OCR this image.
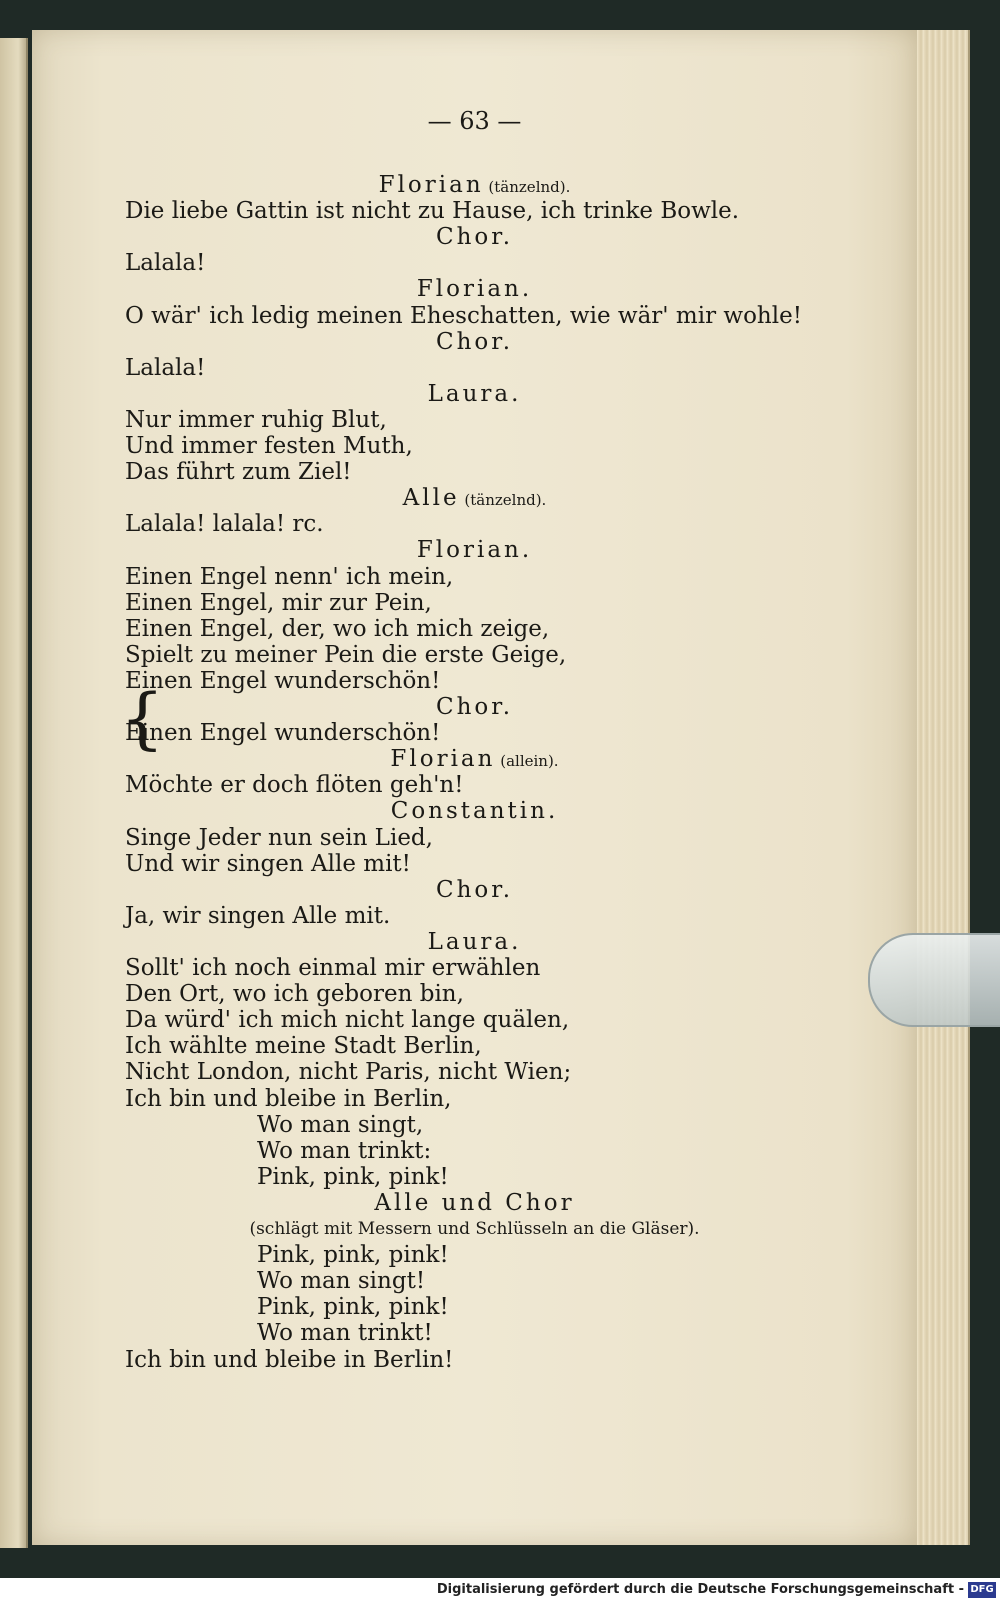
— 63 —
Florian (tänzelnd).
Die liebe Gattin ist nicht zu Hause, ich trinke Bowle.
Chor.
Lalala!
Florian.
O wär' ich ledig meinen Eheschatten, wie wär' mir wohle!
Chor.
Lalala!
Laura.
Nur immer ruhig Blut,
Und immer festen Muth,
Das führt zum Ziel!
Alle (tänzelnd).
Lalala! lalala! rc.
Florian.
Einen Engel nenn' ich mein,
Einen Engel, mir zur Pein,
Einen Engel, der, wo ich mich zeige,
Spielt zu meiner Pein die erste Geige,
Einen Engel wunderschön!
Chor.
Einen Engel wunderschön!
Florian (allein).
Möchte er doch flöten geh'n!
Constantin.
Singe Jeder nun sein Lied,
Und wir singen Alle mit!
Chor.
Ja, wir singen Alle mit.
Laura.
Sollt' ich noch einmal mir erwählen
Den Ort, wo ich geboren bin,
Da würd' ich mich nicht lange quälen,
Ich wählte meine Stadt Berlin,
Nicht London, nicht Paris, nicht Wien;
Ich bin und bleibe in Berlin,
Wo man singt,
Wo man trinkt:
Pink, pink, pink!
Alle und Chor
(schlägt mit Messern und Schlüsseln an die Gläser).
Pink, pink, pink!
Wo man singt!
Pink, pink, pink!
Wo man trinkt!
Ich bin und bleibe in Berlin!
{
Digitalisierung gefördert durch die Deutsche Forschungsgemeinschaft - DFG
